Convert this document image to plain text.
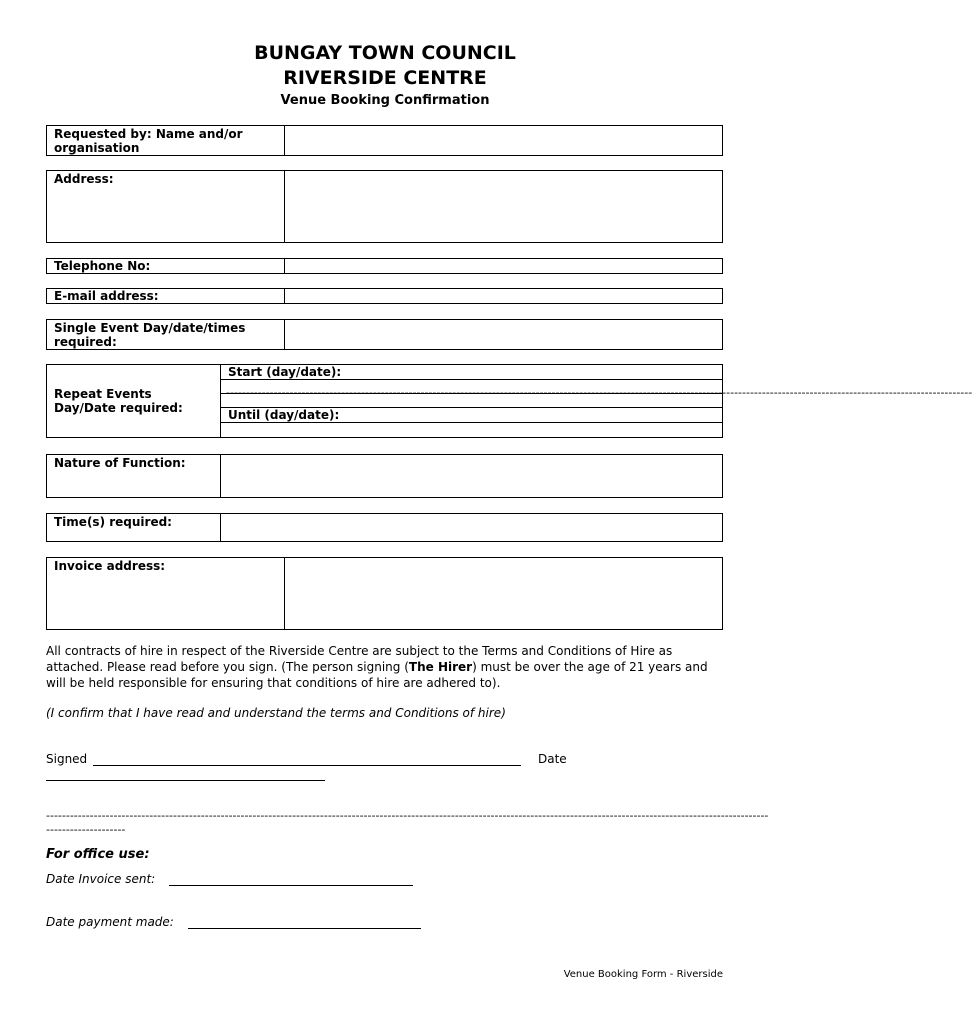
BUNGAY TOWN COUNCIL
RIVERSIDE CENTRE
Venue Booking Confirmation
Requested by: Name and/or organisation	
Address:	
Telephone No:	
E-mail address:	
Single Event Day/date/times required:	
Repeat Events Day/Date required:	Start (day/date):

Until (day/date):

--------------------------------------------------------------------------------------------------------------------------------------------------------------------------------------------
Nature of Function:	
Time(s) required:	
Invoice address:	
All contracts of hire in respect of the Riverside Centre are subject to the Terms and Conditions of Hire as attached. Please read before you sign. (The person signing (The Hirer) must be over the age of 21 years and will be held responsible for ensuring that conditions of hire are adhered to).
(I confirm that I have read and understand the terms and Conditions of hire)
Signed	Date
--------------------------------------------------------------------------------------------------------------------------------------------------------------------------------------
--------------------
For office use:
Date Invoice sent:
Date payment made:
Venue Booking Form - Riverside
